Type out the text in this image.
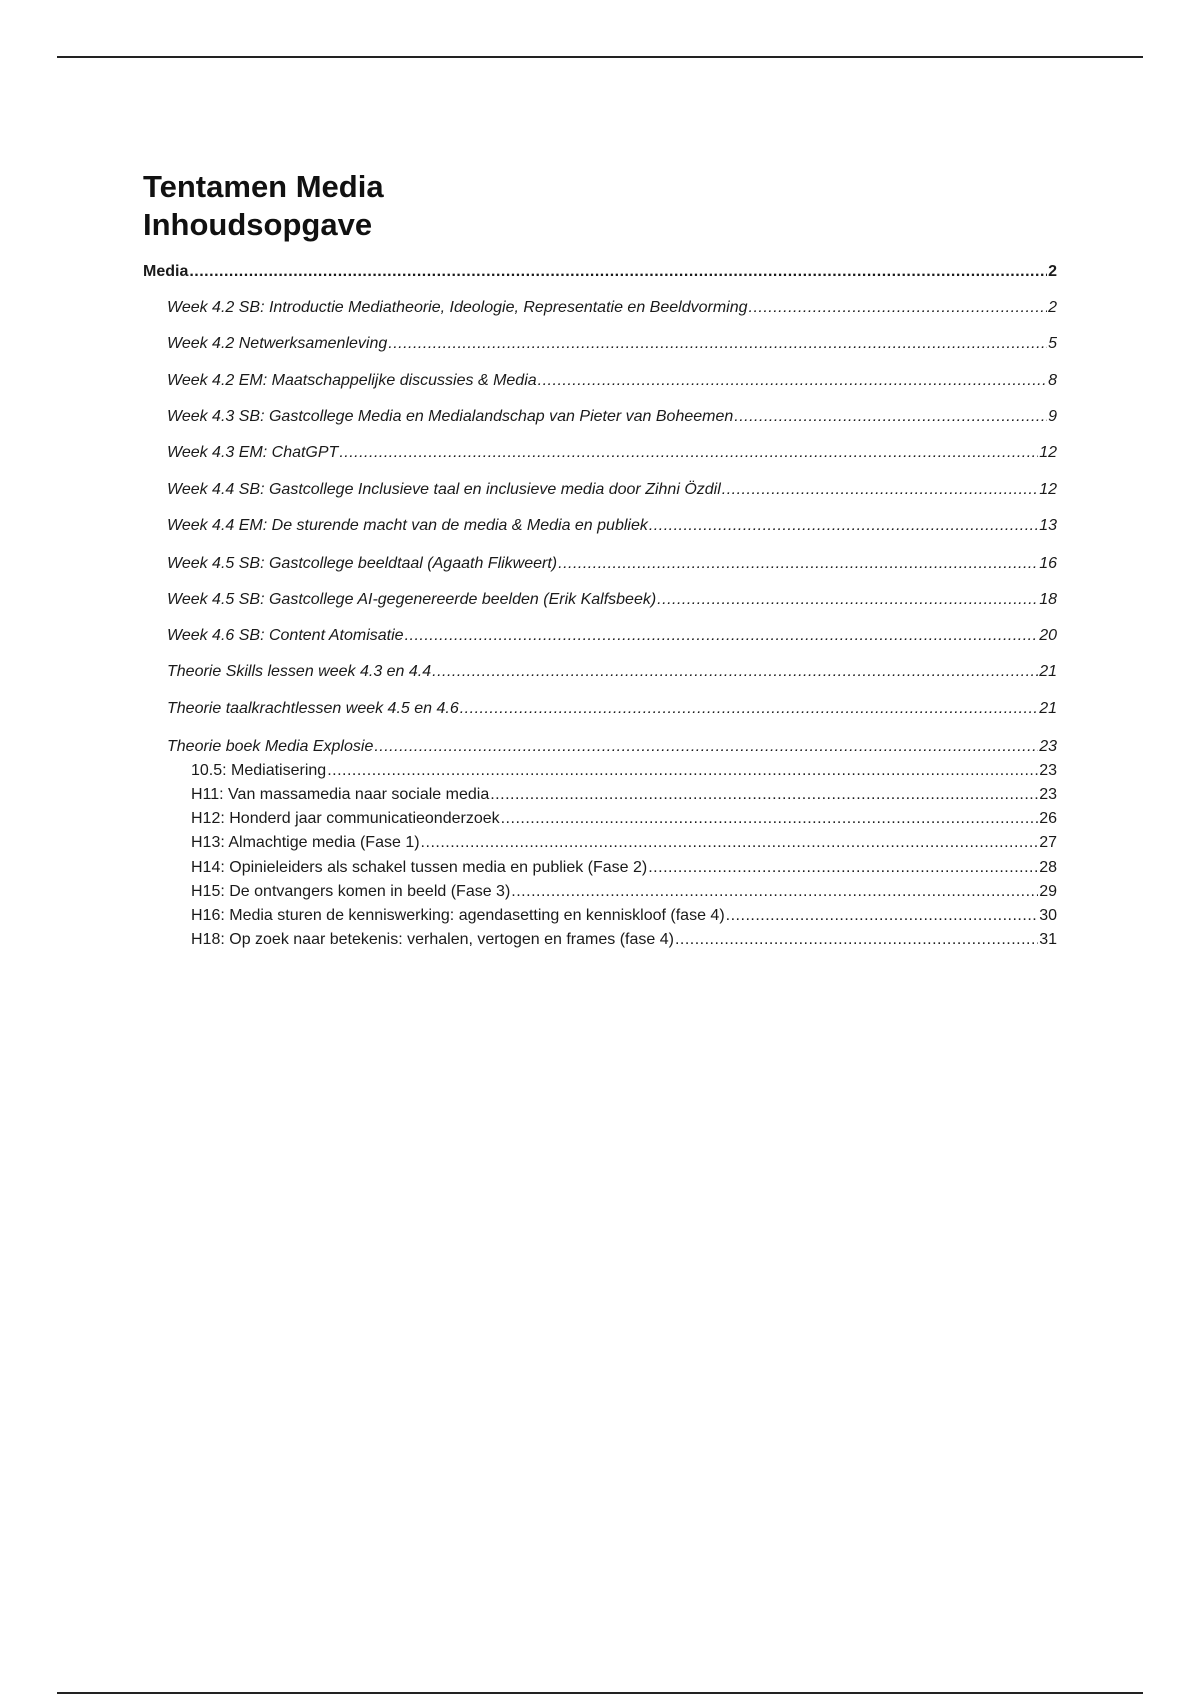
Tentamen Media
Inhoudsopgave
Media .....	2
Week 4.2 SB: Introductie Mediatheorie, Ideologie, Representatie en Beeldvorming .....	2
Week 4.2 Netwerksamenleving .....	5
Week 4.2 EM: Maatschappelijke discussies & Media .....	8
Week 4.3 SB: Gastcollege Media en Medialandschap van Pieter van Boheemen .....	9
Week 4.3 EM: ChatGPT .....	12
Week 4.4 SB: Gastcollege Inclusieve taal en inclusieve media door Zihni Özdil .....	12
Week 4.4 EM: De sturende macht van de media & Media en publiek .....	13
Week 4.5 SB: Gastcollege beeldtaal (Agaath Flikweert) .....	16
Week 4.5 SB: Gastcollege AI-gegenereerde beelden (Erik Kalfsbeek) .....	18
Week 4.6 SB: Content Atomisatie .....	20
Theorie Skills lessen week 4.3 en 4.4 .....	21
Theorie taalkrachtlessen week 4.5 en 4.6 .....	21
Theorie boek Media Explosie .....	23
10.5: Mediatisering .....	23
H11: Van massamedia naar sociale media .....	23
H12: Honderd jaar communicatieonderzoek .....	26
H13: Almachtige media (Fase 1) .....	27
H14: Opinieleiders als schakel tussen media en publiek (Fase 2) .....	28
H15: De ontvangers komen in beeld (Fase 3) .....	29
H16: Media sturen de kenniswerking: agendasetting en kenniskloof (fase 4) .....	30
H18: Op zoek naar betekenis: verhalen, vertogen en frames (fase 4) .....	31
